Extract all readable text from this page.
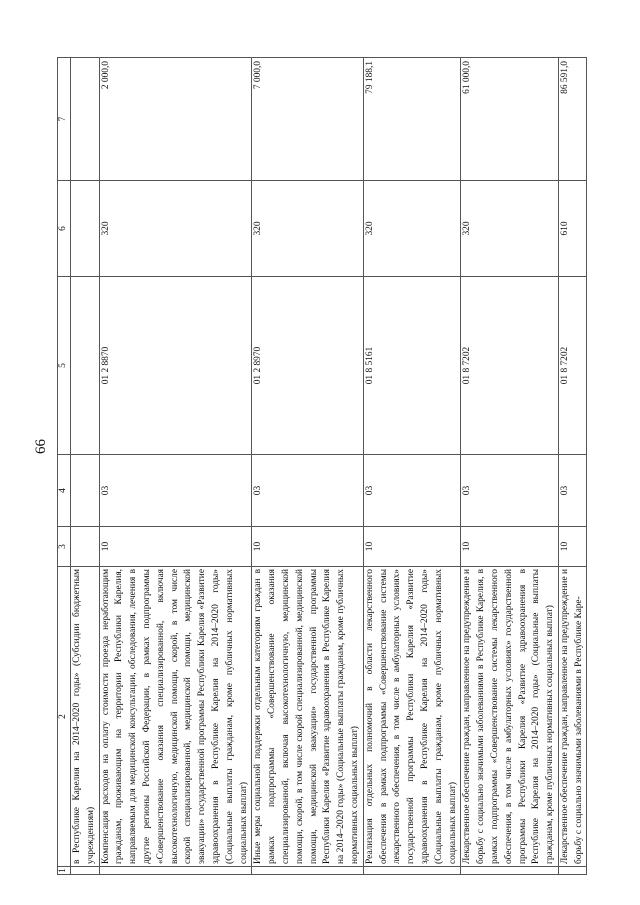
66
1	2	3	4	5	6	7
	в Республике Карелия на 2014–2020 годы» (Субсидии бюджетным учреждениям)					
	Компенсация расходов на оплату стоимости проезда неработающим гражданам, проживающим на территории Республики Карелия, направляемым для медицинской консультации, обследования, лечения в другие регионы Российской Федерации, в рамках подпрограммы «Совершенствование оказания специализированной, включая высокотехнологичную, медицинской помощи, скорой, в том числе скорой специализированной, медицинской помощи, медицинской эвакуации» государственной программы Республики Карелия «Развитие здравоохранения в Республике Карелия на 2014–2020 годы» (Социальные выплаты гражданам, кроме публичных нормативных социальных выплат)	10	03	01 2 8870	320	2 000,0
	Иные меры социальной поддержки отдельным категориям граждан в рамках подпрограммы «Совершенствование оказания специализированной, включая высокотехнологичную, медицинской помощи, скорой, в том числе скорой специализированной, медицинской помощи, медицинской эвакуации» государственной программы Республики Карелия «Развитие здравоохранения в Республике Карелия на 2014–2020 годы» (Социальные выплаты гражданам, кроме публичных нормативных социальных выплат)	10	03	01 2 8970	320	7 000,0
	Реализация отдельных полномочий в области лекарственного обеспечения в рамках подпрограммы «Совершенствование системы лекарственного обеспечения, в том числе в амбулаторных условиях» государственной программы Республики Карелия «Развитие здравоохранения в Республике Карелия на 2014–2020 годы» (Социальные выплаты гражданам, кроме публичных нормативных социальных выплат)	10	03	01 8 5161	320	79 188,1
	Лекарственное обеспечение граждан, направленное на предупреждение и борьбу с социально значимыми заболеваниями в Республике Карелия, в рамках подпрограммы «Совершенствование системы лекарственного обеспечения, в том числе в амбулаторных условиях» государственной программы Республики Карелия «Развитие здравоохранения в Республике Карелия на 2014–2020 годы» (Социальные выплаты гражданам, кроме публичных нормативных социальных выплат)	10	03	01 8 7202	320	61 000,0
	Лекарственное обеспечение граждан, направленное на предупреждение и борьбу с социально значимыми заболеваниями в Республике Каре-	10	03	01 8 7202	610	86 591,0
